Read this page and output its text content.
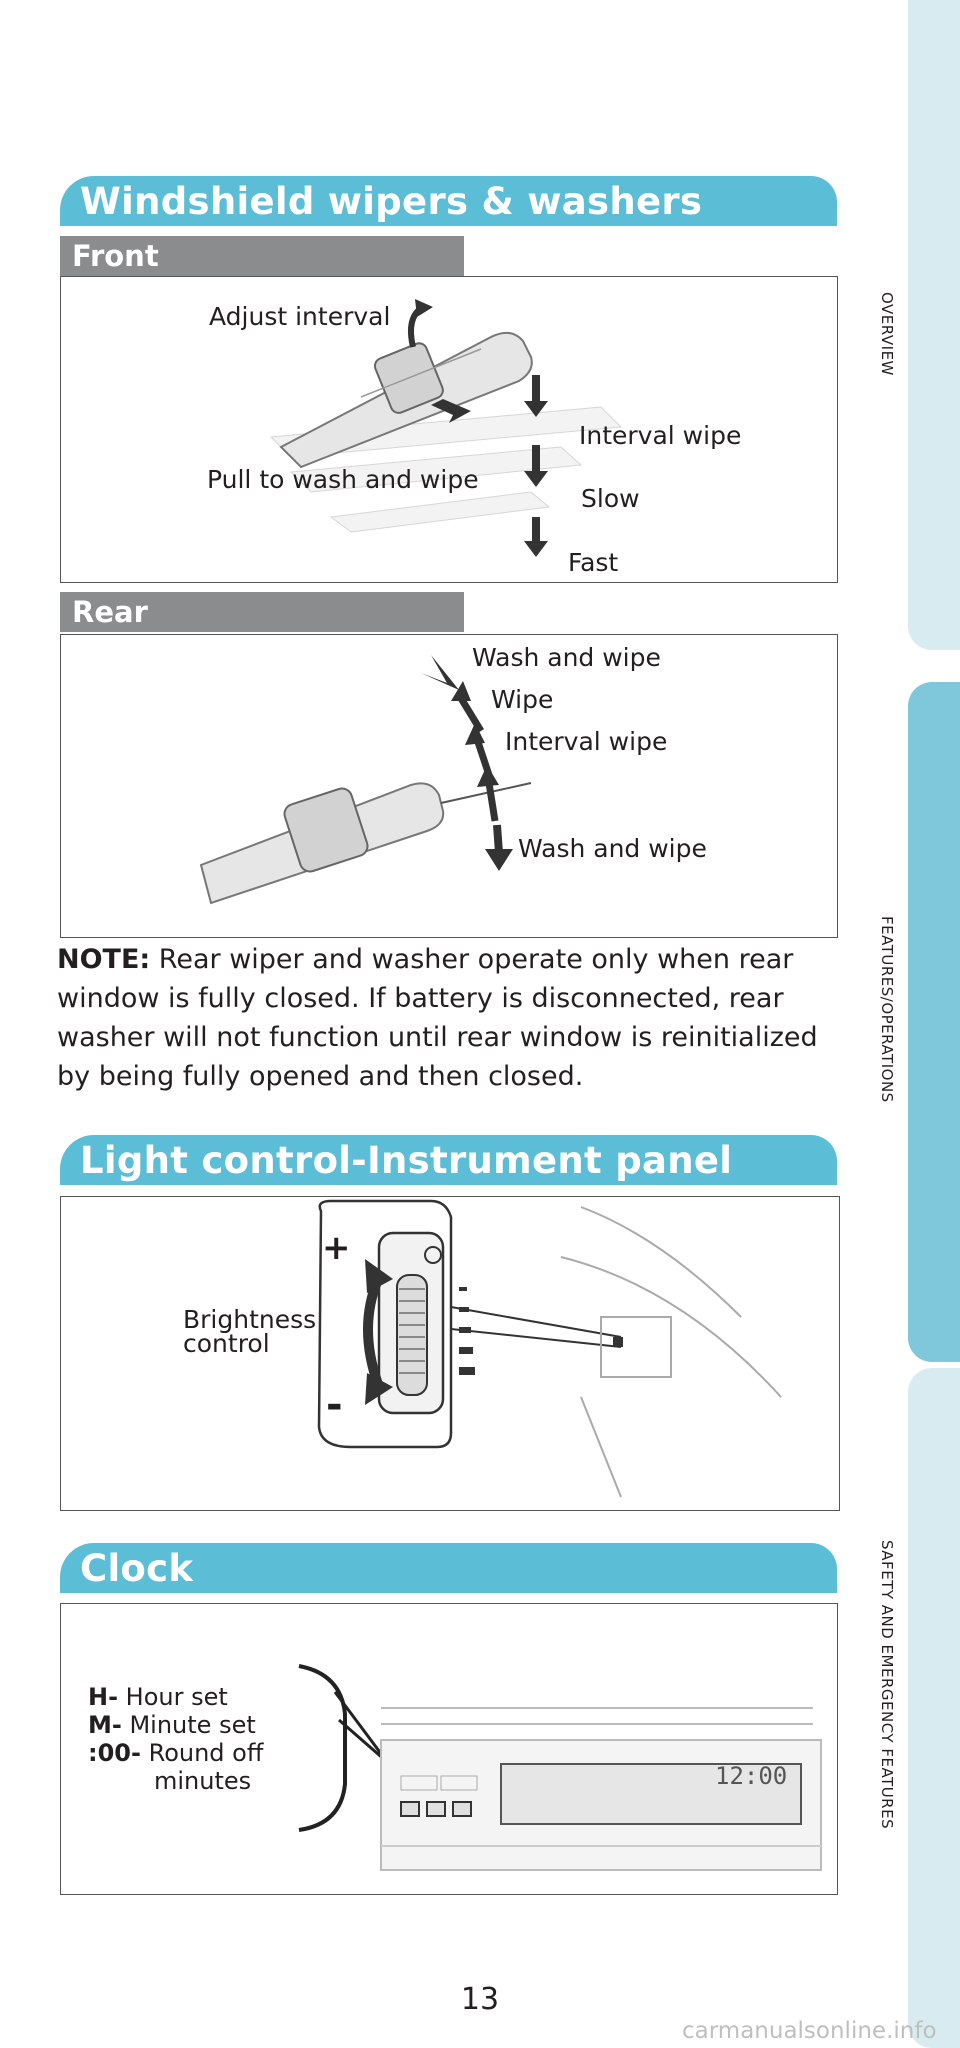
OVERVIEW
FEATURES/OPERATIONS
SAFETY AND EMERGENCY FEATURES
Windshield wipers & washers
Front
Adjust interval
Interval wipe
Pull to wash and wipe
Slow
Fast
Rear
Wash and wipe
Wipe
Interval wipe
Wash and wipe
NOTE: Rear wiper and washer operate only when rear window is fully closed. If battery is disconnected, rear washer will not function until rear window is reinitialized by being fully opened and then closed.
Light control-Instrument panel
+
-
Brightness
control
Clock
12:00
H- Hour set
M- Minute set
:00- Round off
minutes
13
carmanualsonline.info
